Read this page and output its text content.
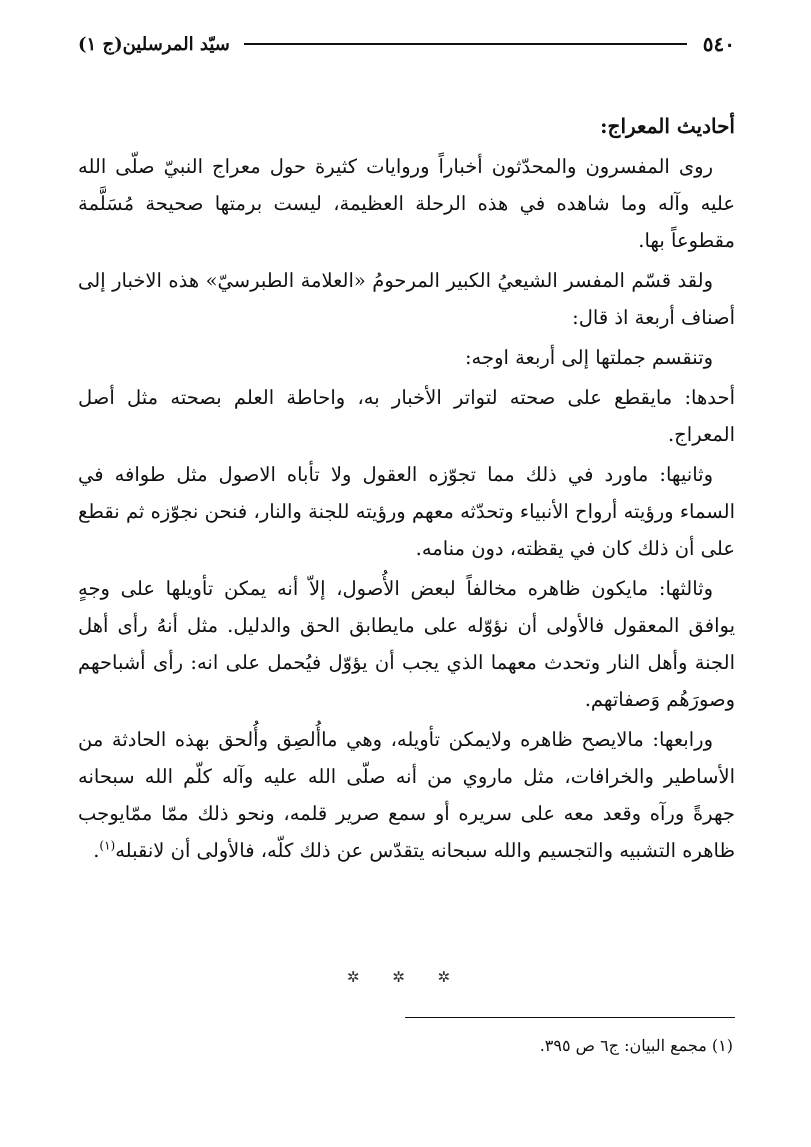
٥٤٠
سيّد المرسلين(ج ١)

أحاديث المعراج:

روى المفسرون والمحدّثون أخباراً وروايات كثيرة حول معراج النبيّ صلّى الله عليه وآله وما شاهده في هذه الرحلة العظيمة، ليست برمتها صحيحة مُسَلَّمة مقطوعاً بها.

ولقد قسّم المفسر الشيعيُ الكبير المرحومُ «العلامة الطبرسيّ» هذه الاخبار إلى أصناف أربعة اذ قال:

وتنقسم جملتها إلى أربعة اوجه:

أحدها: مايقطع على صحته لتواتر الأخبار به، واحاطة العلم بصحته مثل أصل المعراج.

وثانيها: ماورد في ذلك مما تجوّزه العقول ولا تأباه الاصول مثل طوافه في السماء ورؤيته أرواح الأنبياء وتحدّثه معهم ورؤيته للجنة والنار، فنحن نجوّزه ثم نقطع على أن ذلك كان في يقظته، دون منامه.

وثالثها: مايكون ظاهره مخالفاً لبعض الأُصول، إلاّ أنه يمكن تأويلها على وجهٍ يوافق المعقول فالأولى أن نؤوّله على مايطابق الحق والدليل. مثل أنهُ رأى أهل الجنة وأهل النار وتحدث معهما الذي يجب أن يؤوّل فيُحمل على انه: رأى أشباحهم وصورَهُم وَصفاتهم.

ورابعها: مالايصح ظاهره ولايمكن تأويله، وهي ماأُلصِق وأُلحق بهذه الحادثة من الأساطير والخرافات، مثل ماروي من أنه صلّى الله عليه وآله كلّم الله سبحانه جهرةً ورآه وقعد معه على سريره أو سمع صرير قلمه، ونحو ذلك ممّا ممّايوجب ظاهره التشبيه والتجسيم والله سبحانه يتقدّس عن ذلك كلّه، فالأولى أن لانقبله$^{(١)}$.

✲ ✲ ✲
(١) مجمع البيان: ج٦ ص ٣٩٥.
